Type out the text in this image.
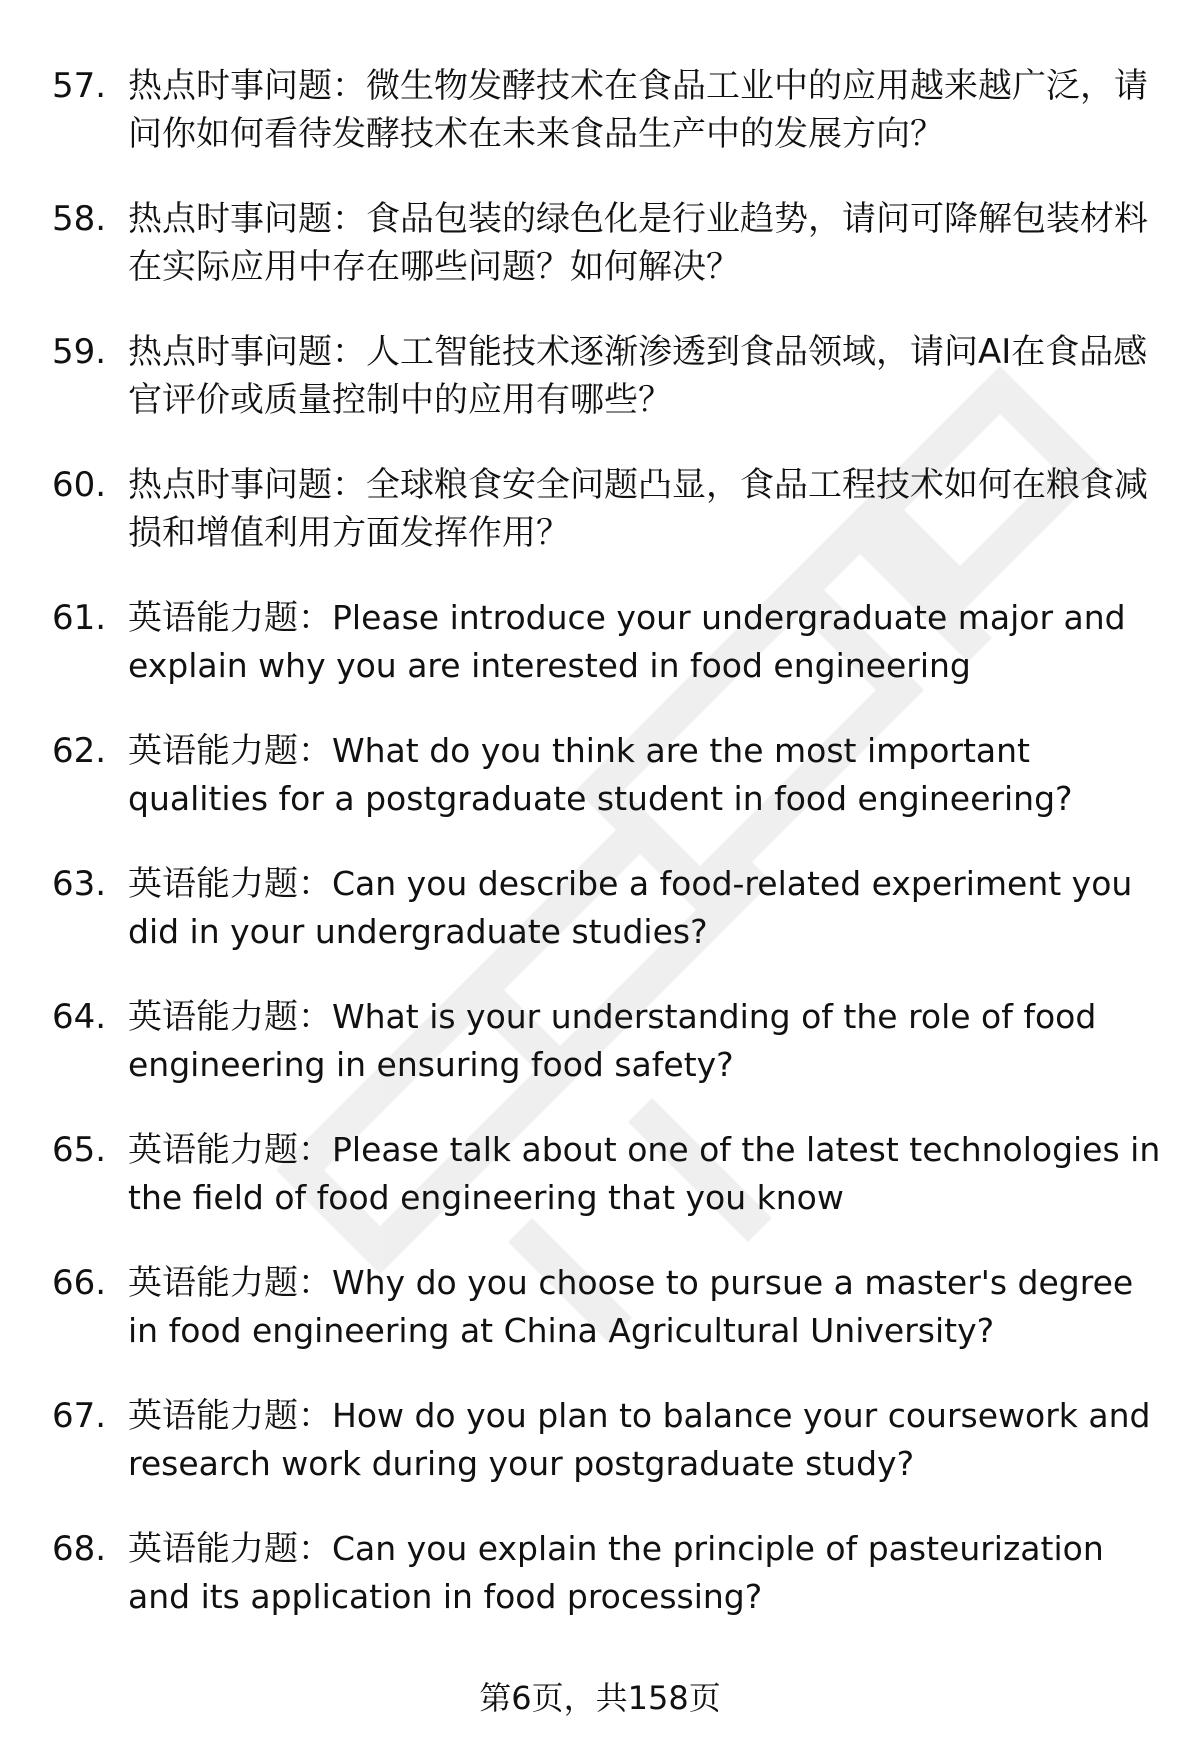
57. 热点时事问题：微生物发酵技术在食品工业中的应用越来越广泛，请问你如何看待发酵技术在未来食品生产中的发展方向？
58. 热点时事问题：食品包装的绿色化是行业趋势，请问可降解包装材料在实际应用中存在哪些问题？如何解决？
59. 热点时事问题：人工智能技术逐渐渗透到食品领域，请问AI在食品感官评价或质量控制中的应用有哪些？
60. 热点时事问题：全球粮食安全问题凸显，食品工程技术如何在粮食减损和增值利用方面发挥作用？
61. 英语能力题：Please introduce your undergraduate major and explain why you are interested in food engineering
62. 英语能力题：What do you think are the most important qualities for a postgraduate student in food engineering?
63. 英语能力题：Can you describe a food-related experiment you did in your undergraduate studies?
64. 英语能力题：What is your understanding of the role of food engineering in ensuring food safety?
65. 英语能力题：Please talk about one of the latest technologies in the field of food engineering that you know
66. 英语能力题：Why do you choose to pursue a master's degree in food engineering at China Agricultural University?
67. 英语能力题：How do you plan to balance your coursework and research work during your postgraduate study?
68. 英语能力题：Can you explain the principle of pasteurization and its application in food processing?
第6页，共158页
